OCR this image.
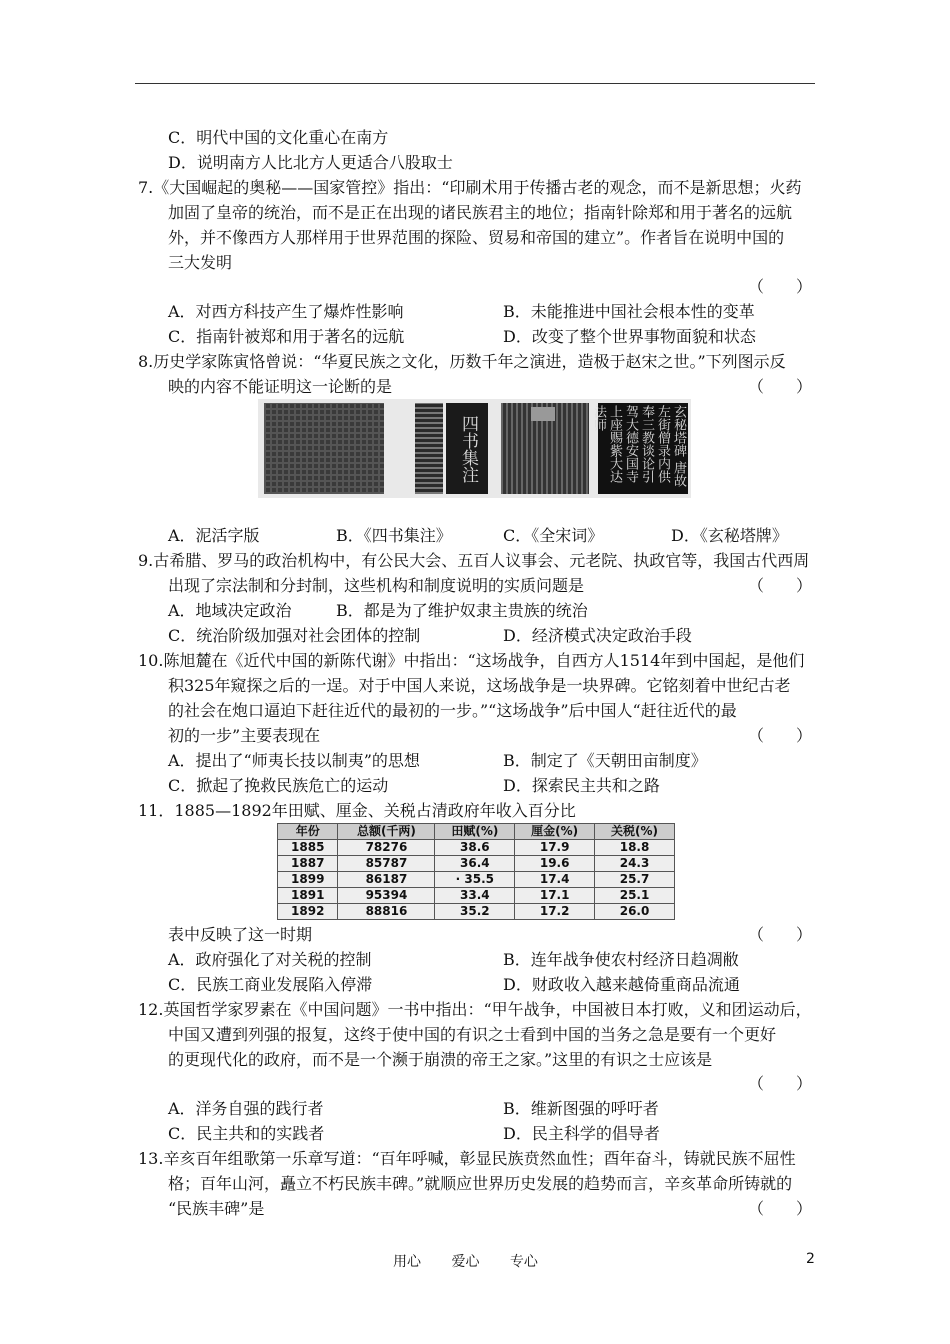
C．明代中国的文化重心在南方
D．说明南方人比北方人更适合八股取士
7.《大国崛起的奥秘——国家管控》指出：“印刷术用于传播古老的观念，而不是新思想；火药
加固了皇帝的统治，而不是正在出现的诸民族君主的地位；指南针除郑和用于著名的远航
外，并不像西方人那样用于世界范围的探险、贸易和帝国的建立”。作者旨在说明中国的
三大发明
A．对西方科技产生了爆炸性影响	B．未能推进中国社会根本性的变革
C．指南针被郑和用于著名的远航	D．改变了整个世界事物面貌和状态
8.历史学家陈寅恪曾说：“华夏民族之文化，历数千年之演进，造极于赵宋之世。”下列图示反
映的内容不能证明这一论断的是
A．泥活字版	B．《四书集注》	C．《全宋词》	D．《玄秘塔牌》
9.古希腊、罗马的政治机构中，有公民大会、五百人议事会、元老院、执政官等，我国古代西周
出现了宗法制和分封制，这些机构和制度说明的实质问题是
A．地域决定政治	B．都是为了维护奴隶主贵族的统治
C．统治阶级加强对社会团体的控制	D．经济模式决定政治手段
10.陈旭麓在《近代中国的新陈代谢》中指出：“这场战争，自西方人1514年到中国起，是他们
积325年窥探之后的一逞。对于中国人来说，这场战争是一块界碑。它铭刻着中世纪古老
的社会在炮口逼迫下赶往近代的最初的一步。”“这场战争”后中国人“赶往近代的最
初的一步”主要表现在
A．提出了“师夷长技以制夷”的思想	B．制定了《天朝田亩制度》
C．掀起了挽救民族危亡的运动	D．探索民主共和之路
11．1885—1892年田赋、厘金、关税占清政府年收入百分比
表中反映了这一时期
A．政府强化了对关税的控制	B．连年战争使农村经济日趋凋敝
C．民族工商业发展陷入停滞	D．财政收入越来越倚重商品流通
12.英国哲学家罗素在《中国问题》一书中指出：“甲午战争，中国被日本打败，义和团运动后，
中国又遭到列强的报复，这终于使中国的有识之士看到中国的当务之急是要有一个更好
的更现代化的政府，而不是一个濒于崩溃的帝王之家。”这里的有识之士应该是
A．洋务自强的践行者	B．维新图强的呼吁者
C．民主共和的实践者	D．民主科学的倡导者
13.辛亥百年组歌第一乐章写道：“百年呼喊，彰显民族贲然血性；酉年奋斗，铸就民族不屈性
格；百年山河，矗立不朽民族丰碑。”就顺应世界历史发展的趋势而言，辛亥革命所铸就的
“民族丰碑”是
（　　）
（　　）
（　　）
（　　）
（　　）
（　　）
（　　）
四书集注	玄秘塔碑 唐故左街僧录内供奉三教谈论引驾大德安国寺上座赐紫大达法师
年份	总额(千两)	田赋(%)	厘金(%)	关税(%)
1885	78276	38.6	17.9	18.8
1887	85787	36.4	19.6	24.3
1899	86187	· 35.5	17.4	25.7
1891	95394	33.4	17.1	25.1
1892	88816	35.2	17.2	26.0
用心 爱心 专心	2
